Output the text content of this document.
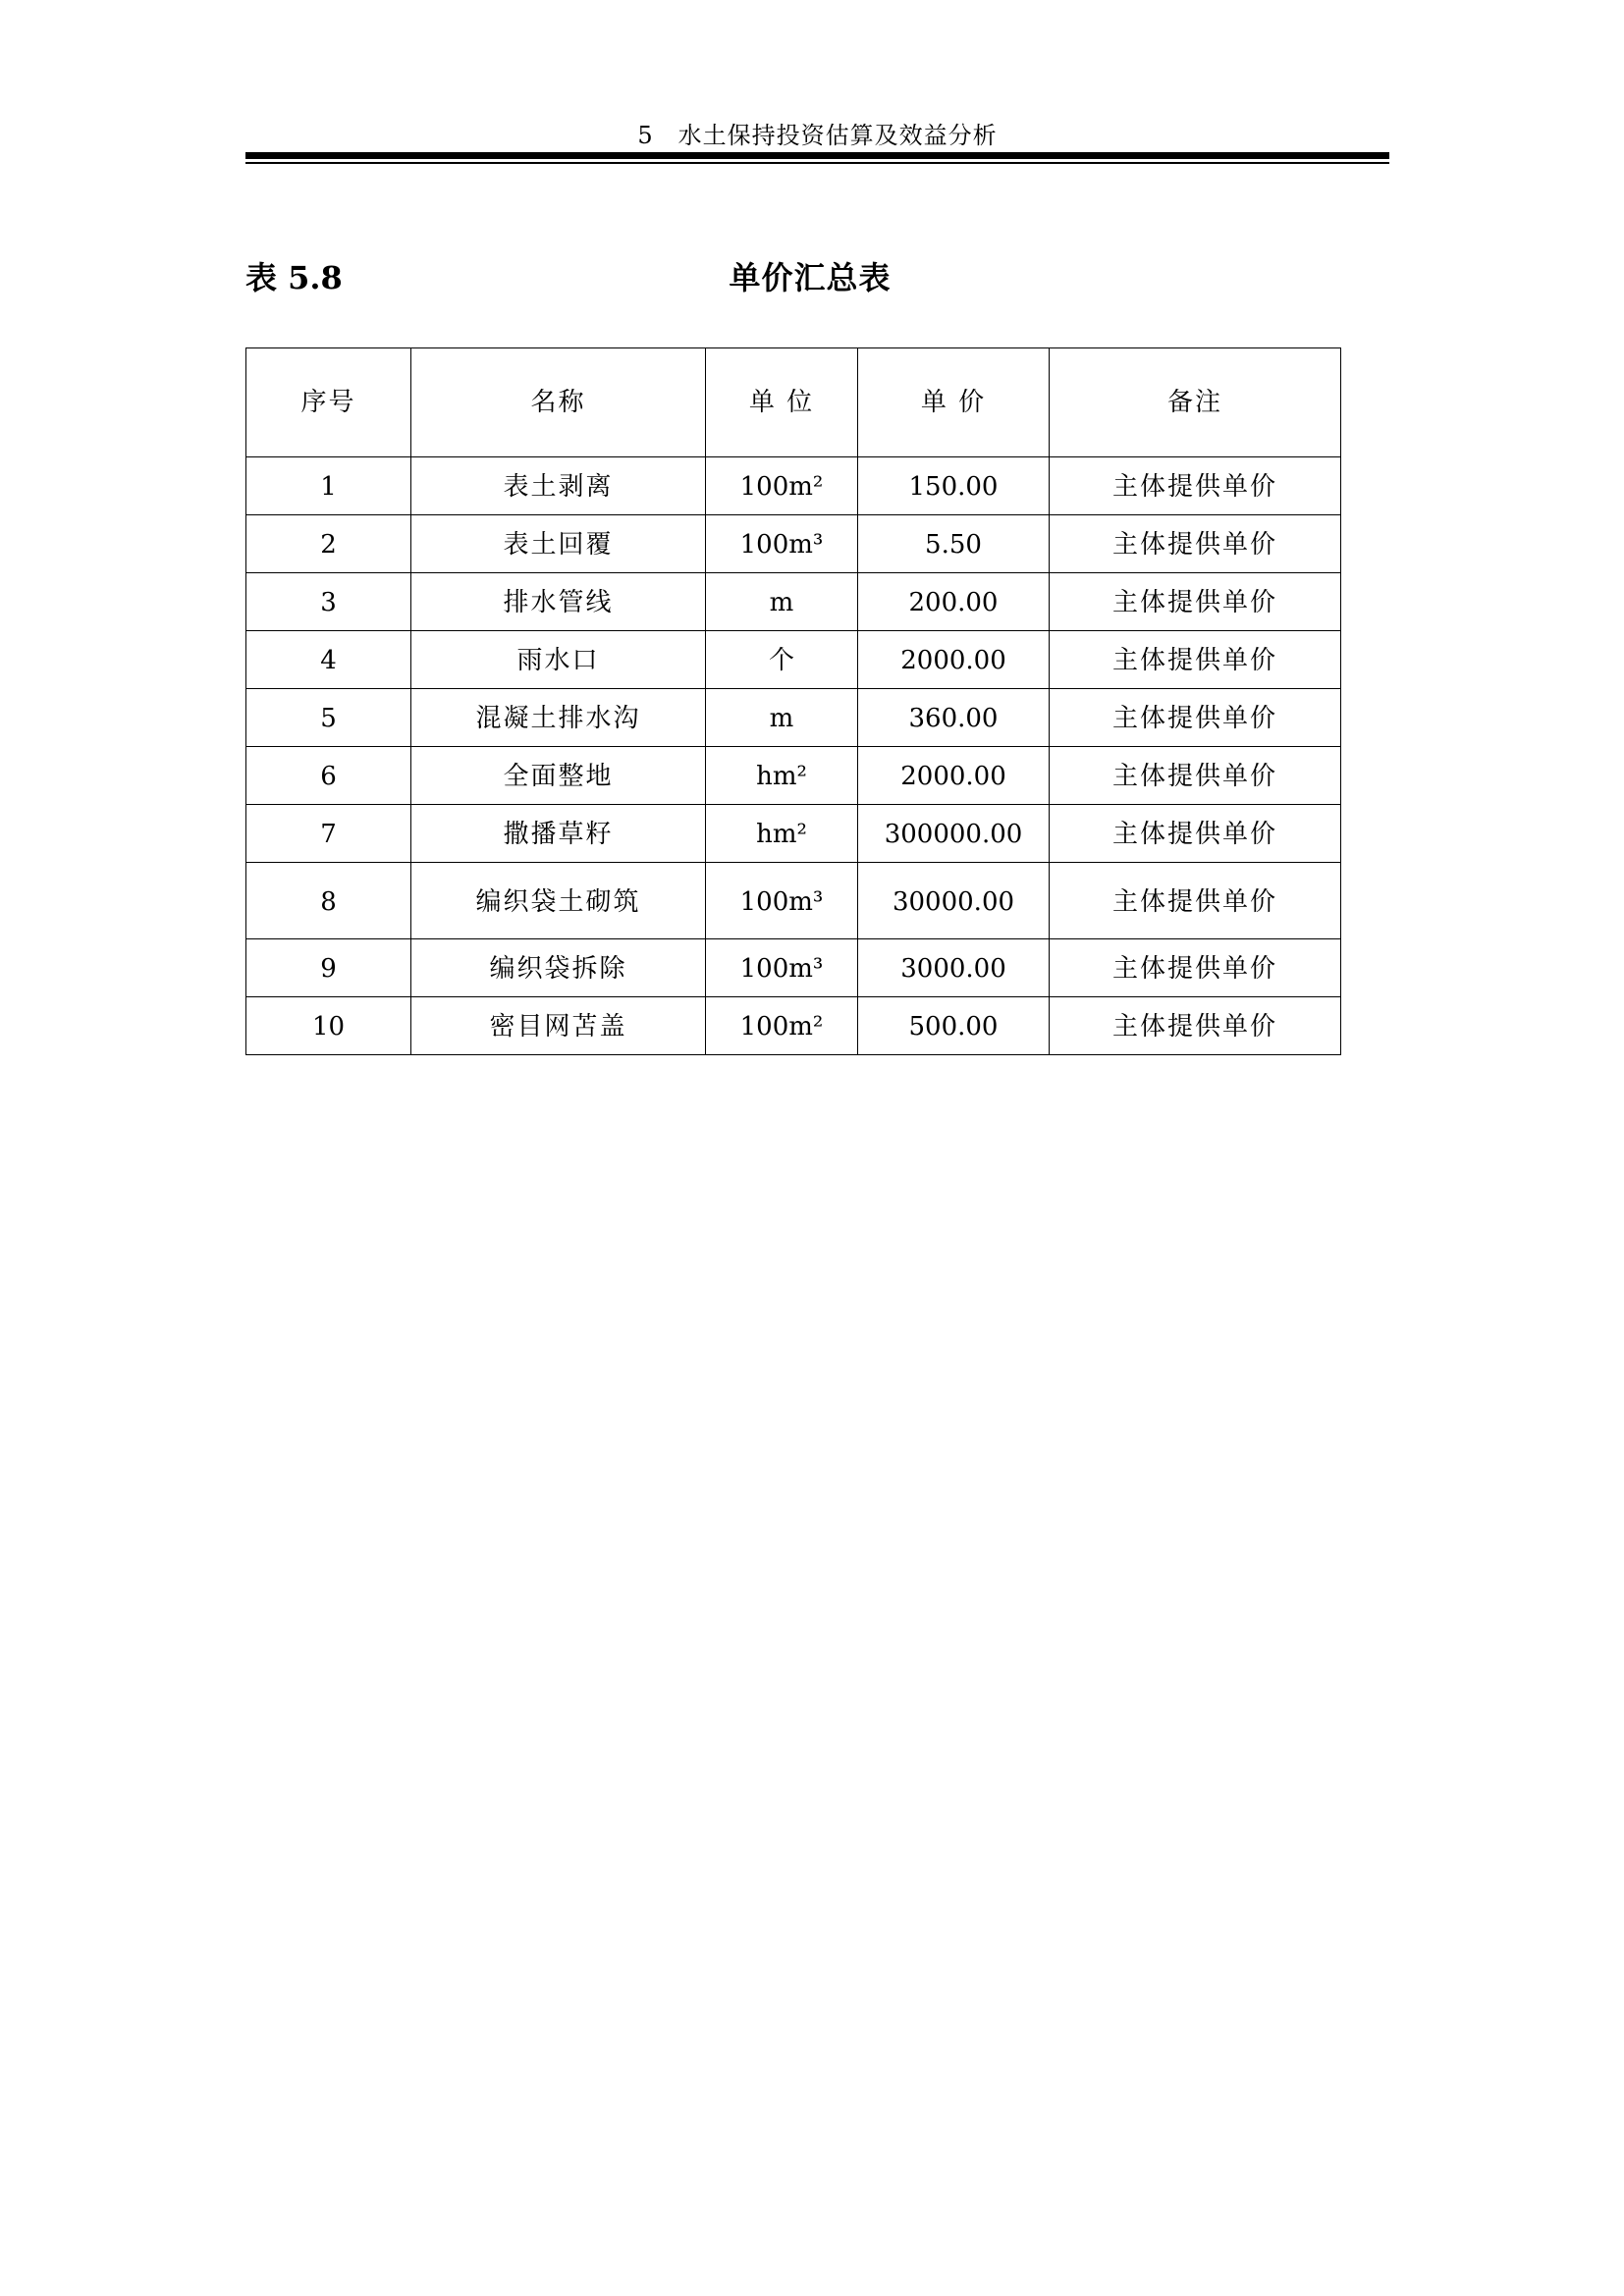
5　水土保持投资估算及效益分析
表 5.8	单价汇总表
序号	名称	单 位	单 价	备注
1	表土剥离	100m²	150.00	主体提供单价
2	表土回覆	100m³	5.50	主体提供单价
3	排水管线	m	200.00	主体提供单价
4	雨水口	个	2000.00	主体提供单价
5	混凝土排水沟	m	360.00	主体提供单价
6	全面整地	hm²	2000.00	主体提供单价
7	撒播草籽	hm²	300000.00	主体提供单价
8	编织袋土砌筑	100m³	30000.00	主体提供单价
9	编织袋拆除	100m³	3000.00	主体提供单价
10	密目网苫盖	100m²	500.00	主体提供单价
